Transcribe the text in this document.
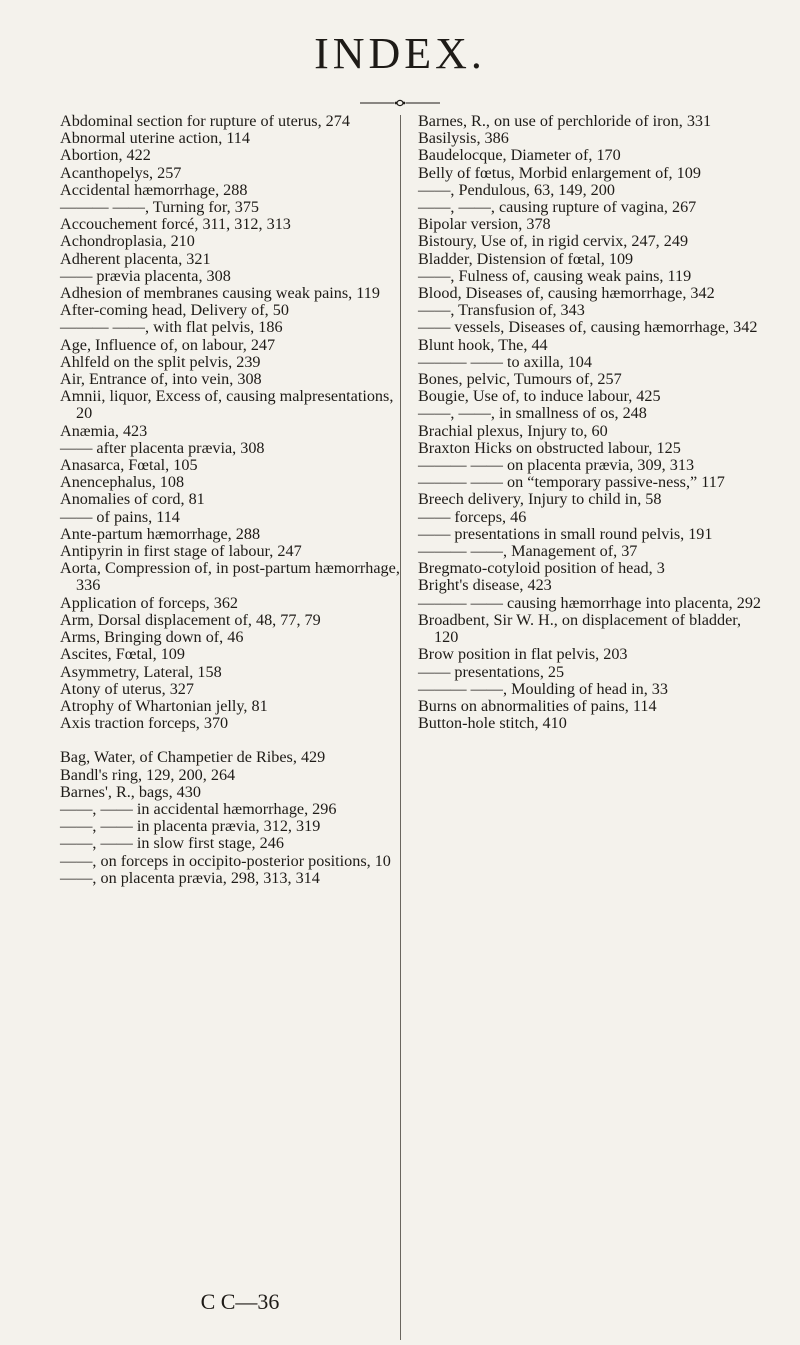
INDEX.

Abdominal section for rupture of uterus, 274

Abnormal uterine action, 114

Abortion, 422

Acanthopelys, 257

Accidental hæmorrhage, 288

——— ——, Turning for, 375

Accouchement forcé, 311, 312, 313

Achondroplasia, 210

Adherent placenta, 321

—— prævia placenta, 308

Adhesion of membranes causing weak pains, 119

After-coming head, Delivery of, 50

——— ——, with flat pelvis, 186

Age, Influence of, on labour, 247

Ahlfeld on the split pelvis, 239

Air, Entrance of, into vein, 308

Amnii, liquor, Excess of, causing malpresentations, 20

Anæmia, 423

—— after placenta prævia, 308

Anasarca, Fœtal, 105

Anencephalus, 108

Anomalies of cord, 81

—— of pains, 114

Ante-partum hæmorrhage, 288

Antipyrin in first stage of labour, 247

Aorta, Compression of, in post-partum hæmorrhage, 336

Application of forceps, 362

Arm, Dorsal displacement of, 48, 77, 79

Arms, Bringing down of, 46

Ascites, Fœtal, 109

Asymmetry, Lateral, 158

Atony of uterus, 327

Atrophy of Whartonian jelly, 81

Axis traction forceps, 370

Bag, Water, of Champetier de Ribes, 429

Bandl's ring, 129, 200, 264

Barnes', R., bags, 430

——, —— in accidental hæmorrhage, 296

——, —— in placenta prævia, 312, 319

——, —— in slow first stage, 246

——, on forceps in occipito-posterior positions, 10

——, on placenta prævia, 298, 313, 314

Barnes, R., on use of perchloride of iron, 331

Basilysis, 386

Baudelocque, Diameter of, 170

Belly of fœtus, Morbid enlargement of, 109

——, Pendulous, 63, 149, 200

——, ——, causing rupture of vagina, 267

Bipolar version, 378

Bistoury, Use of, in rigid cervix, 247, 249

Bladder, Distension of fœtal, 109

——, Fulness of, causing weak pains, 119

Blood, Diseases of, causing hæmorrhage, 342

——, Transfusion of, 343

—— vessels, Diseases of, causing hæmorrhage, 342

Blunt hook, The, 44

——— —— to axilla, 104

Bones, pelvic, Tumours of, 257

Bougie, Use of, to induce labour, 425

——, ——, in smallness of os, 248

Brachial plexus, Injury to, 60

Braxton Hicks on obstructed labour, 125

——— —— on placenta prævia, 309, 313

——— —— on “temporary passive-ness,” 117

Breech delivery, Injury to child in, 58

—— forceps, 46

—— presentations in small round pelvis, 191

——— ——, Management of, 37

Bregmato-cotyloid position of head, 3

Bright's disease, 423

——— —— causing hæmorrhage into placenta, 292

Broadbent, Sir W. H., on displacement of bladder, 120

Brow position in flat pelvis, 203

—— presentations, 25

——— ——, Moulding of head in, 33

Burns on abnormalities of pains, 114

Button-hole stitch, 410

C C—36
